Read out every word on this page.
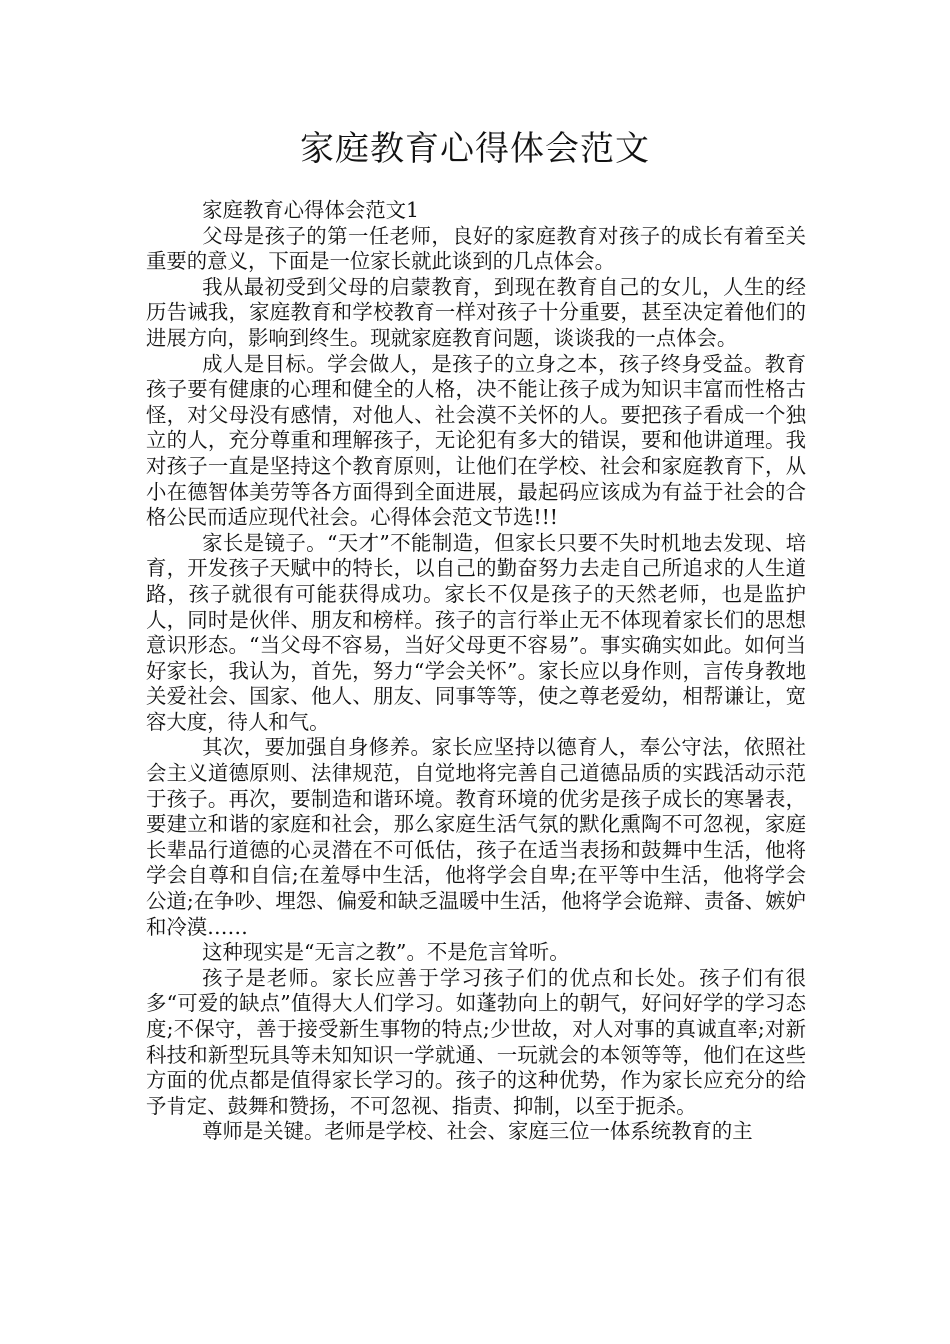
家庭教育心得体会范文

家庭教育心得体会范文1

父母是孩子的第一任老师，良好的家庭教育对孩子的成长有着至关重要的意义，下面是一位家长就此谈到的几点体会。

我从最初受到父母的启蒙教育，到现在教育自己的女儿，人生的经历告诫我，家庭教育和学校教育一样对孩子十分重要，甚至决定着他们的进展方向，影响到终生。现就家庭教育问题，谈谈我的一点体会。

成人是目标。学会做人，是孩子的立身之本，孩子终身受益。教育孩子要有健康的心理和健全的人格，决不能让孩子成为知识丰富而性格古怪，对父母没有感情，对他人、社会漠不关怀的人。要把孩子看成一个独立的人，充分尊重和理解孩子，无论犯有多大的错误，要和他讲道理。我对孩子一直是坚持这个教育原则，让他们在学校、社会和家庭教育下，从小在德智体美劳等各方面得到全面进展，最起码应该成为有益于社会的合格公民而适应现代社会。心得体会范文节选!!!

家长是镜子。“天才”不能制造，但家长只要不失时机地去发现、培育，开发孩子天赋中的特长，以自己的勤奋努力去走自己所追求的人生道路，孩子就很有可能获得成功。家长不仅是孩子的天然老师，也是监护人，同时是伙伴、朋友和榜样。孩子的言行举止无不体现着家长们的思想意识形态。“当父母不容易，当好父母更不容易”。事实确实如此。如何当好家长，我认为，首先，努力“学会关怀”。家长应以身作则，言传身教地关爱社会、国家、他人、朋友、同事等等，使之尊老爱幼，相帮谦让，宽容大度，待人和气。

其次，要加强自身修养。家长应坚持以德育人，奉公守法，依照社会主义道德原则、法律规范，自觉地将完善自己道德品质的实践活动示范于孩子。再次，要制造和谐环境。教育环境的优劣是孩子成长的寒暑表，要建立和谐的家庭和社会，那么家庭生活气氛的默化熏陶不可忽视，家庭长辈品行道德的心灵潜在不可低估，孩子在适当表扬和鼓舞中生活，他将学会自尊和自信;在羞辱中生活，他将学会自卑;在平等中生活，他将学会公道;在争吵、埋怨、偏爱和缺乏温暖中生活，他将学会诡辩、责备、嫉妒和冷漠……

这种现实是“无言之教”。不是危言耸听。

孩子是老师。家长应善于学习孩子们的优点和长处。孩子们有很多“可爱的缺点”值得大人们学习。如蓬勃向上的朝气，好问好学的学习态度;不保守，善于接受新生事物的特点;少世故，对人对事的真诚直率;对新科技和新型玩具等未知知识一学就通、一玩就会的本领等等，他们在这些方面的优点都是值得家长学习的。孩子的这种优势，作为家长应充分的给予肯定、鼓舞和赞扬，不可忽视、指责、抑制，以至于扼杀。

尊师是关键。老师是学校、社会、家庭三位一体系统教育的主
